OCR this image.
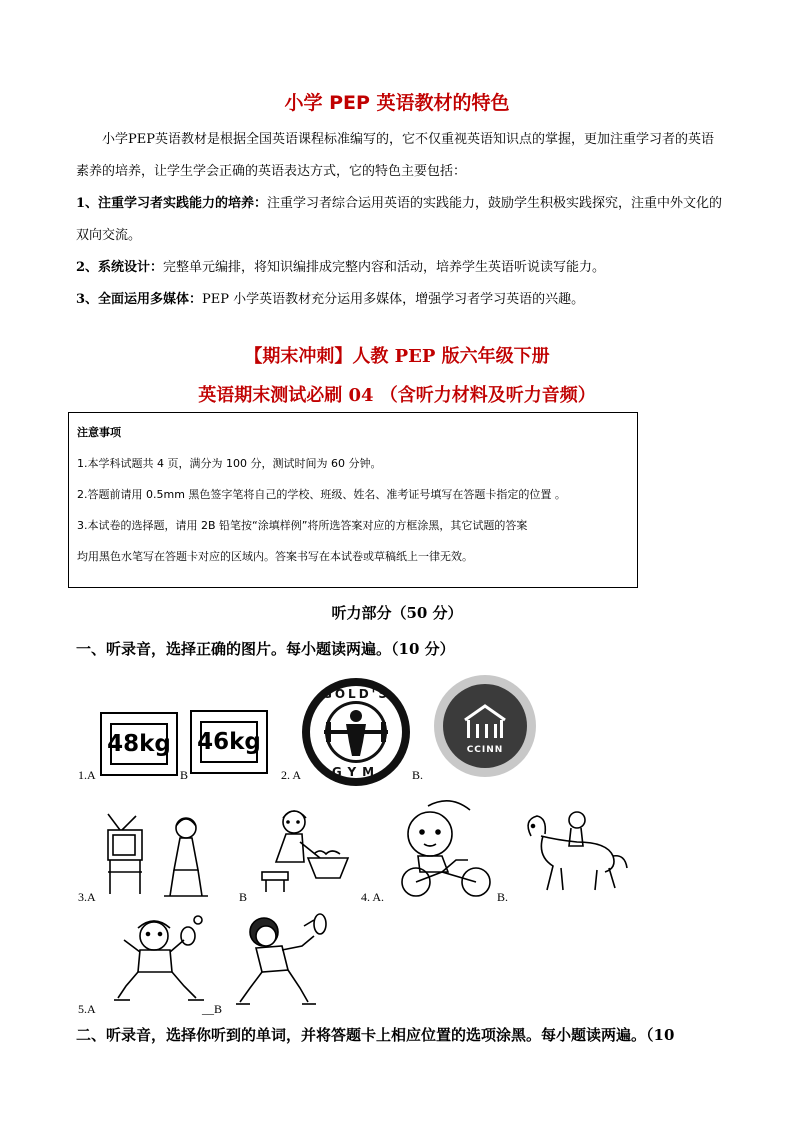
小学 PEP 英语教材的特色

小学PEP英语教材是根据全国英语课程标准编写的，它不仅重视英语知识点的掌握，更加注重学习者的英语素养的培养，让学生学会正确的英语表达方式，它的特色主要包括：

1、注重学习者实践能力的培养：注重学习者综合运用英语的实践能力，鼓励学生积极实践探究，注重中外文化的双向交流。

2、系统设计：完整单元编排，将知识编排成完整内容和活动，培养学生英语听说读写能力。

3、全面运用多媒体：PEP 小学英语教材充分运用多媒体，增强学习者学习英语的兴趣。

【期末冲刺】人教 PEP 版六年级下册
英语期末测试必刷 04 （含听力材料及听力音频）
注意事项
1.本学科试题共 4 页，满分为 100 分，测试时间为 60 分钟。
2.答题前请用 0.5mm 黑色签字笔将自己的学校、班级、姓名、准考证号填写在答题卡指定的位置 。
3.本试卷的选择题，请用 2B 铅笔按“涂填样例”将所选答案对应的方框涂黑，其它试题的答案
均用黑色水笔写在答题卡对应的区域内。答案书写在本试卷或草稿纸上一律无效。
听力部分（50 分）
一、听录音，选择正确的图片。每小题读两遍。（10 分）
48kg 46kg
1.A	B	2. A
GOLD'S
GYM	B.
CCINN
3.A	B	4. A.	B.
5.A	__ B
二、听录音，选择你听到的单词，并将答题卡上相应位置的选项涂黑。每小题读两遍。（10
